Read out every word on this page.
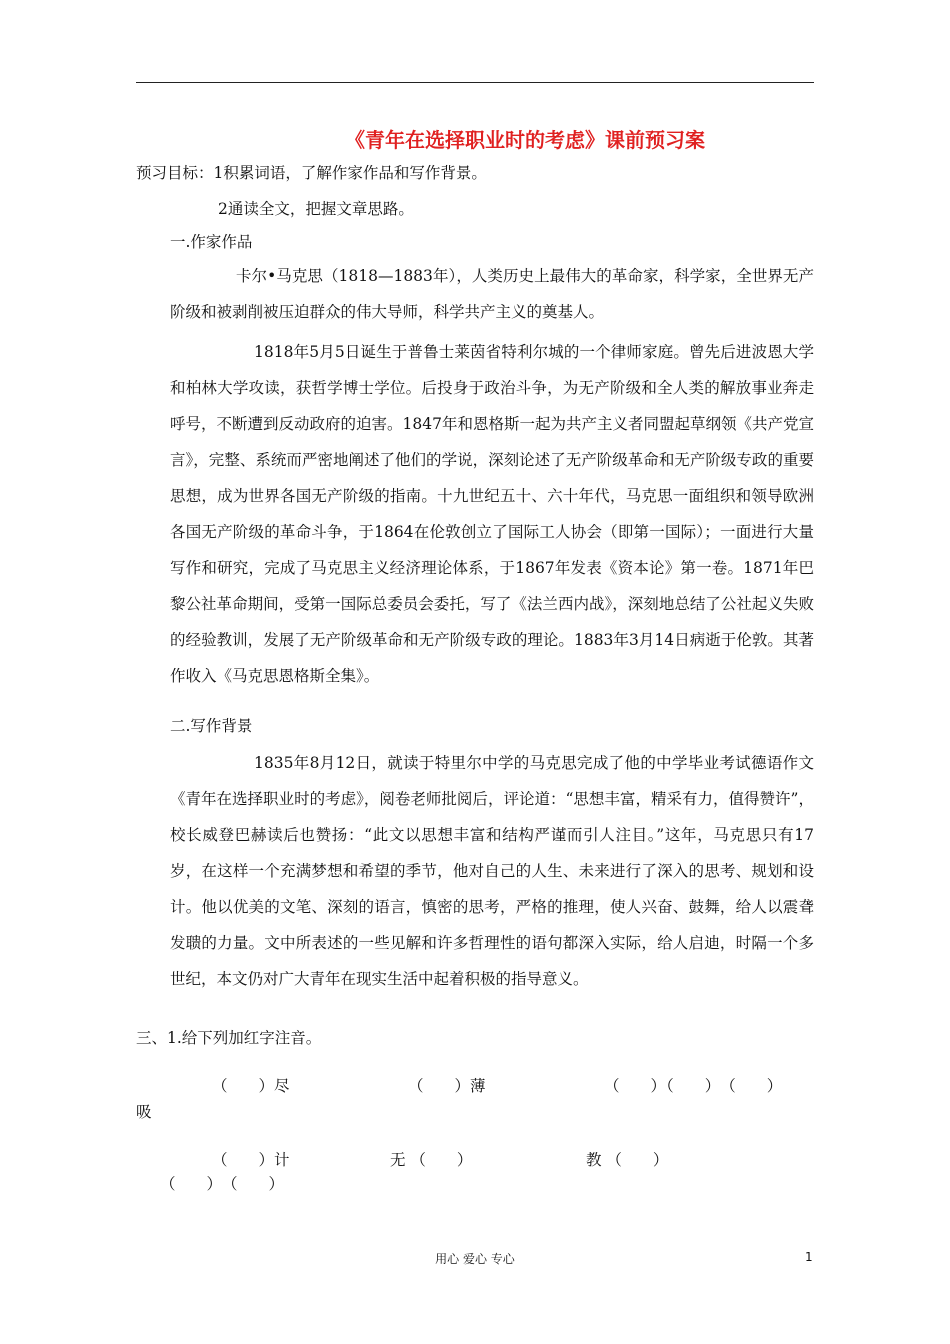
《青年在选择职业时的考虑》课前预习案
预习目标：1积累词语，了解作家作品和写作背景。
2通读全文，把握文章思路。
一.作家作品

卡尔•马克思（1818—1883年），人类历史上最伟大的革命家，科学家，全世界无产阶级和被剥削被压迫群众的伟大导师，科学共产主义的奠基人。

1818年5月5日诞生于普鲁士莱茵省特利尔城的一个律师家庭。曾先后进波恩大学和柏林大学攻读，获哲学博士学位。后投身于政治斗争，为无产阶级和全人类的解放事业奔走呼号，不断遭到反动政府的迫害。1847年和恩格斯一起为共产主义者同盟起草纲领《共产党宣言》，完整、系统而严密地阐述了他们的学说，深刻论述了无产阶级革命和无产阶级专政的重要思想，成为世界各国无产阶级的指南。十九世纪五十、六十年代，马克思一面组织和领导欧洲各国无产阶级的革命斗争，于1864在伦敦创立了国际工人协会（即第一国际）；一面进行大量写作和研究，完成了马克思主义经济理论体系，于1867年发表《资本论》第一卷。1871年巴黎公社革命期间，受第一国际总委员会委托，写了《法兰西内战》，深刻地总结了公社起义失败的经验教训，发展了无产阶级革命和无产阶级专政的理论。1883年3月14日病逝于伦敦。其著作收入《马克思恩格斯全集》。

二.写作背景

1835年8月12日，就读于特里尔中学的马克思完成了他的中学毕业考试德语作文《青年在选择职业时的考虑》，阅卷老师批阅后，评论道：“思想丰富，精采有力，值得赞许”，校长威登巴赫读后也赞扬：“此文以思想丰富和结构严谨而引人注目。”这年，马克思只有17岁，在这样一个充满梦想和希望的季节，他对自己的人生、未来进行了深入的思考、规划和设计。他以优美的文笔、深刻的语言，慎密的思考，严格的推理，使人兴奋、鼓舞，给人以震聋发聩的力量。文中所表述的一些见解和许多哲理性的语句都深入实际，给人启迪，时隔一个多世纪，本文仍对广大青年在现实生活中起着积极的指导意义。

三、1.给下列加红字注音。
（　　）尽	（　　）薄	（　　）（　　）　（　　）
吸
（　　）计	无 （　　）	教 （　　）
（　　）　（　　）
用心 爱心 专心	1
